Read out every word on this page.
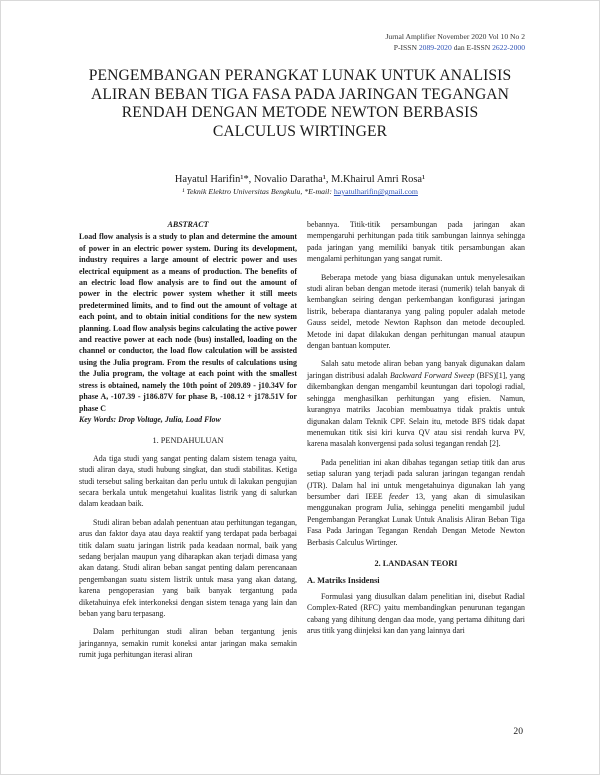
Jurnal Amplifier November 2020 Vol 10 No 2
P-ISSN 2089-2020 dan E-ISSN 2622-2000
PENGEMBANGAN PERANGKAT LUNAK UNTUK ANALISIS ALIRAN BEBAN TIGA FASA PADA JARINGAN TEGANGAN RENDAH DENGAN METODE NEWTON BERBASIS CALCULUS WIRTINGER
Hayatul Harifin¹*, Novalio Daratha¹, M.Khairul Amri Rosa¹
¹ Teknik Elektro Universitas Bengkulu, *E-mail: hayatulharifin@gmail.com
ABSTRACT
Load flow analysis is a study to plan and determine the amount of power in an electric power system. During its development, industry requires a large amount of electric power and uses electrical equipment as a means of production. The benefits of an electric load flow analysis are to find out the amount of power in the electric power system whether it still meets predetermined limits, and to find out the amount of voltage at each point, and to obtain initial conditions for the new system planning. Load flow analysis begins calculating the active power and reactive power at each node (bus) installed, loading on the channel or conductor, the load flow calculation will be assisted using the Julia program. From the results of calculations using the Julia program, the voltage at each point with the smallest stress is obtained, namely the 10th point of 209.89 - j10.34V for phase A, -107.39 - j186.87V for phase B, -108.12 + j178.51V for phase C
Key Words: Drop Voltage, Julia, Load Flow
1. PENDAHULUAN

Ada tiga studi yang sangat penting dalam sistem tenaga yaitu, studi aliran daya, studi hubung singkat, dan studi stabilitas. Ketiga studi tersebut saling berkaitan dan perlu untuk di lakukan pengujian secara berkala untuk mengetahui kualitas listrik yang di salurkan dalam keadaan baik.

Studi aliran beban adalah penentuan atau perhitungan tegangan, arus dan faktor daya atau daya reaktif yang terdapat pada berbagai titik dalam suatu jaringan listrik pada keadaan normal, baik yang sedang berjalan maupun yang diharapkan akan terjadi dimasa yang akan datang. Studi aliran beban sangat penting dalam perencanaan pengembangan suatu sistem listrik untuk masa yang akan datang, karena pengoperasian yang baik banyak tergantung pada diketahuinya efek interkoneksi dengan sistem tenaga yang lain dan beban yang baru terpasang.

Dalam perhitungan studi aliran beban tergantung jenis jaringannya, semakin rumit koneksi antar jaringan maka semakin rumit juga perhitungan iterasi aliran

bebannya. Titik-titik persambungan pada jaringan akan mempengaruhi perhitungan pada titik sambungan lainnya sehingga pada jaringan yang memiliki banyak titik persambungan akan mengalami perhitungan yang sangat rumit.

Beberapa metode yang biasa digunakan untuk menyelesaikan studi aliran beban dengan metode iterasi (numerik) telah banyak di kembangkan seiring dengan perkembangan konfigurasi jaringan listrik, beberapa diantaranya yang paling populer adalah metode Gauss seidel, metode Newton Raphson dan metode decoupled. Metode ini dapat dilakukan dengan perhitungan manual ataupun dengan bantuan komputer.

Salah satu metode aliran beban yang banyak digunakan dalam jaringan distribusi adalah Backward Forward Sweep (BFS)[1], yang dikembangkan dengan mengambil keuntungan dari topologi radial, sehingga menghasilkan perhitungan yang efisien. Namun, kurangnya matriks Jacobian membuatnya tidak praktis untuk digunakan dalam Teknik CPF. Selain itu, metode BFS tidak dapat menemukan titik sisi kiri kurva QV atau sisi rendah kurva PV, karena masalah konvergensi pada solusi tegangan rendah [2].

Pada penelitian ini akan dibahas tegangan setiap titik dan arus setiap saluran yang terjadi pada saluran jaringan tegangan rendah (JTR). Dalam hal ini untuk mengetahuinya digunakan lah yang bersumber dari IEEE feeder 13, yang akan di simulasikan menggunakan program Julia, sehingga peneliti mengambil judul Pengembangan Perangkat Lunak Untuk Analisis Aliran Beban Tiga Fasa Pada Jaringan Tegangan Rendah Dengan Metode Newton Berbasis Calculus Wirtinger.

2. LANDASAN TEORI
A. Matriks Insidensi

Formulasi yang diusulkan dalam penelitian ini, disebut Radial Complex-Rated (RFC) yaitu membandingkan penurunan tegangan cabang yang dihitung dengan daa mode, yang pertama dihitung dari arus titik yang diinjeksi kan dan yang lainnya dari

20
